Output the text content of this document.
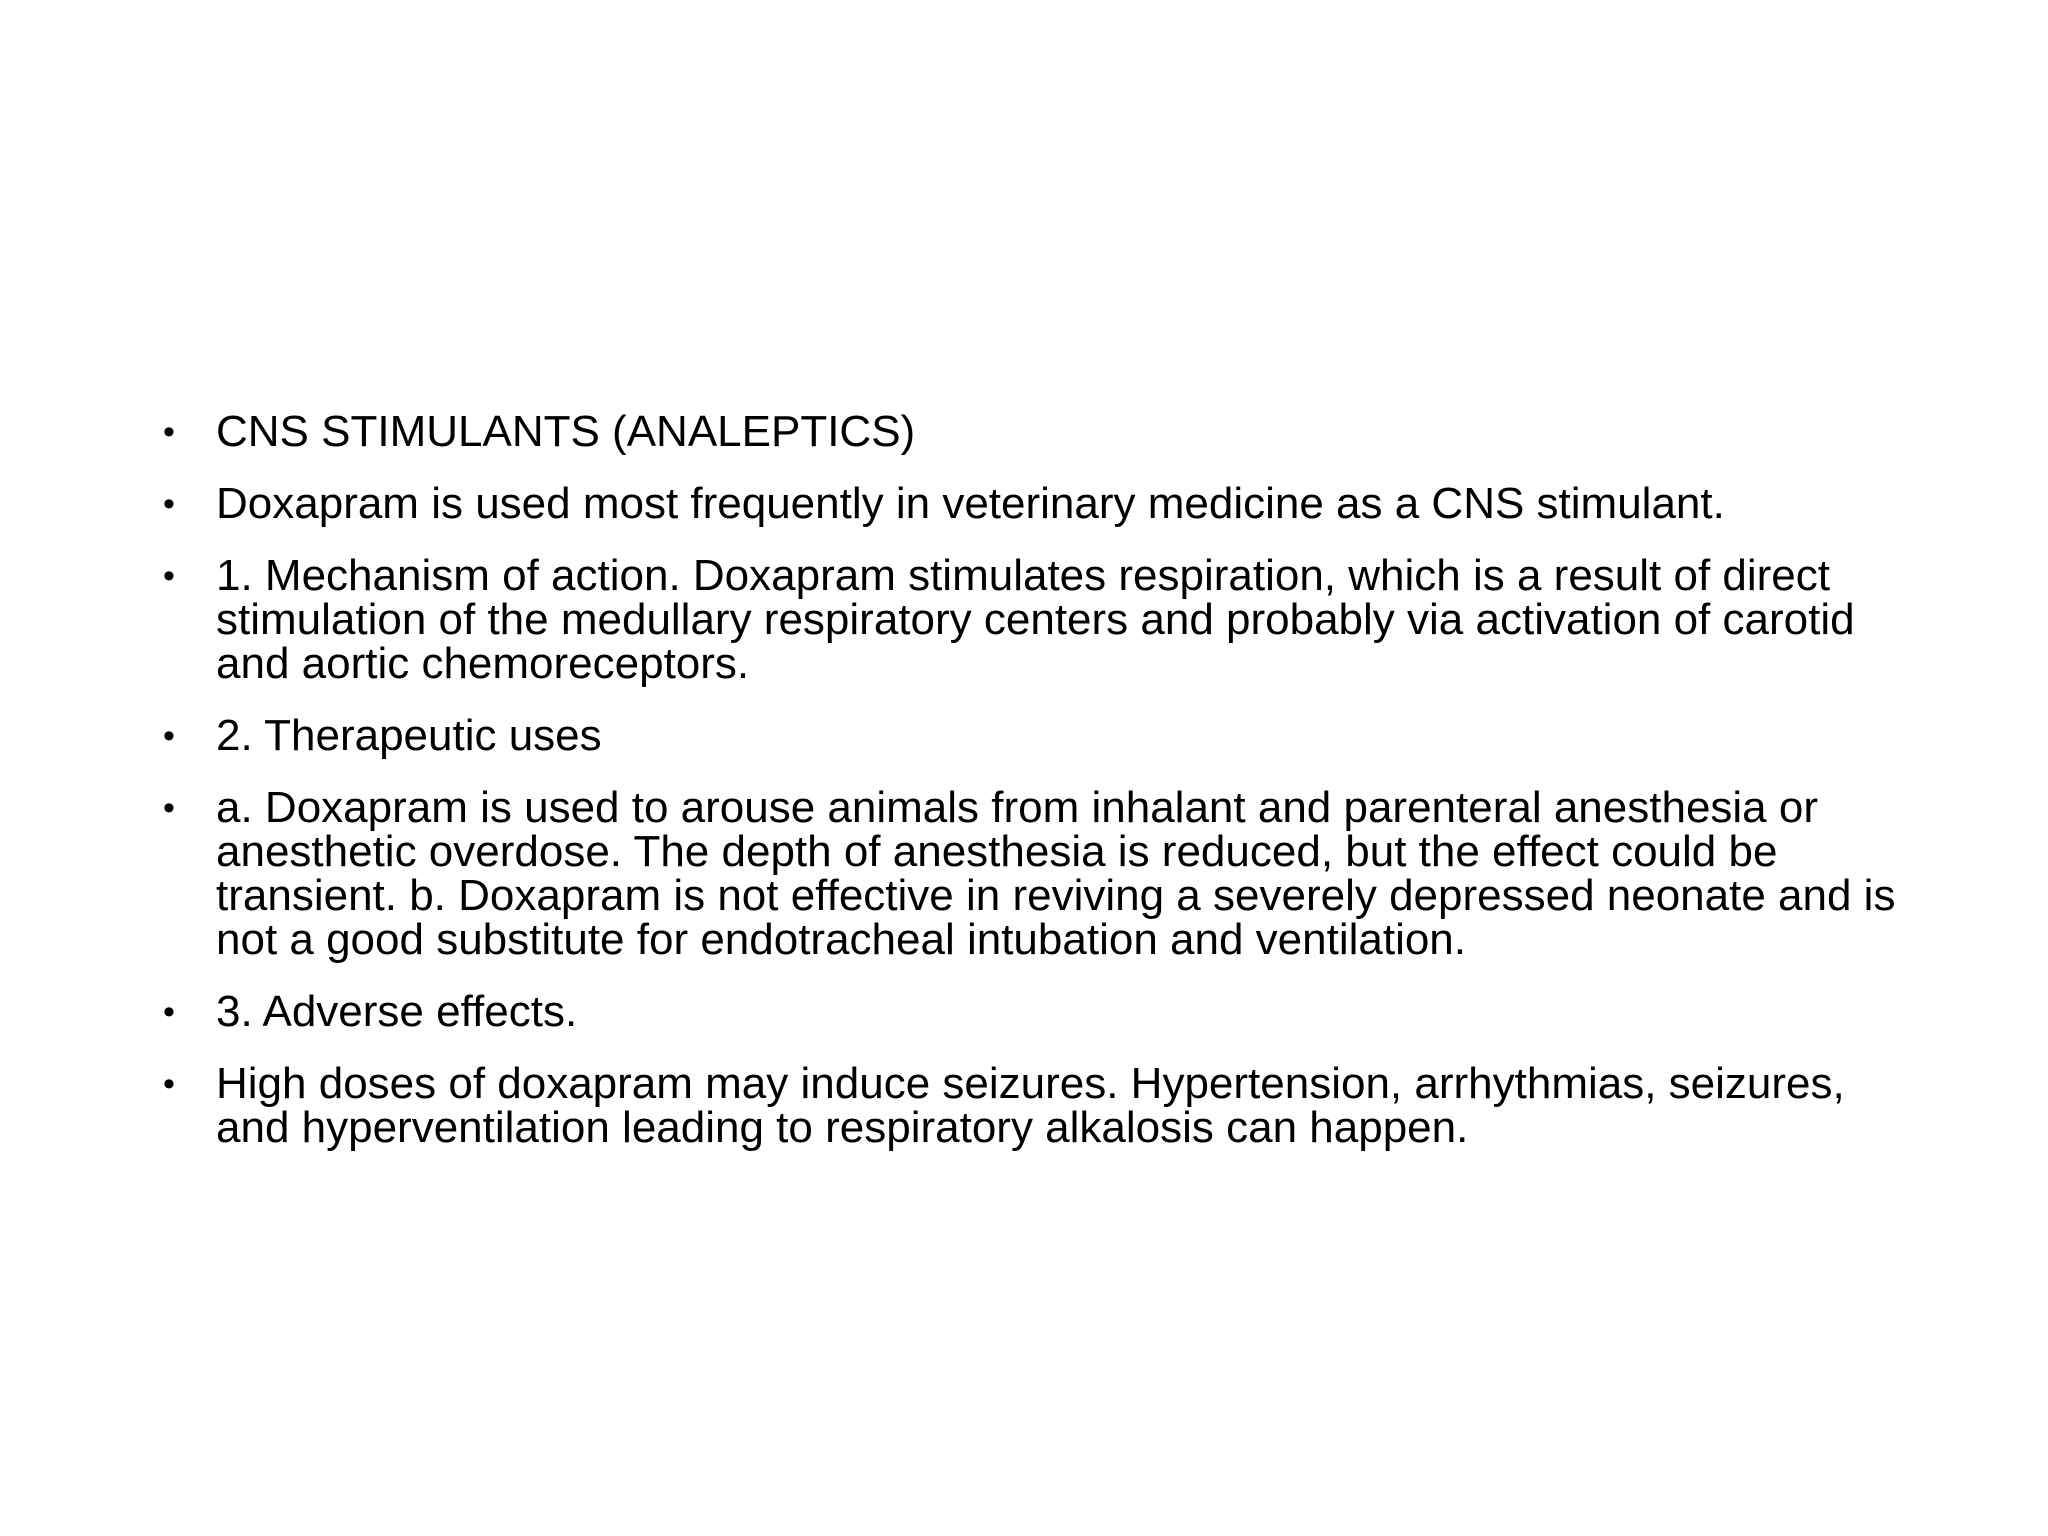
• CNS STIMULANTS (ANALEPTICS)
• Doxapram is used most frequently in veterinary medicine as a CNS stimulant.
• 1. Mechanism of action. Doxapram stimulates respiration, which is a result of direct stimulation of the medullary respiratory centers and probably via activation of carotid and aortic chemoreceptors.
• 2. Therapeutic uses
• a. Doxapram is used to arouse animals from inhalant and parenteral anesthesia or anesthetic overdose. The depth of anesthesia is reduced, but the effect could be transient. b. Doxapram is not effective in reviving a severely depressed neonate and is not a good substitute for endotracheal intubation and ventilation.
• 3. Adverse effects.
• High doses of doxapram may induce seizures. Hypertension, arrhythmias, seizures, and hyperventilation leading to respiratory alkalosis can happen.
